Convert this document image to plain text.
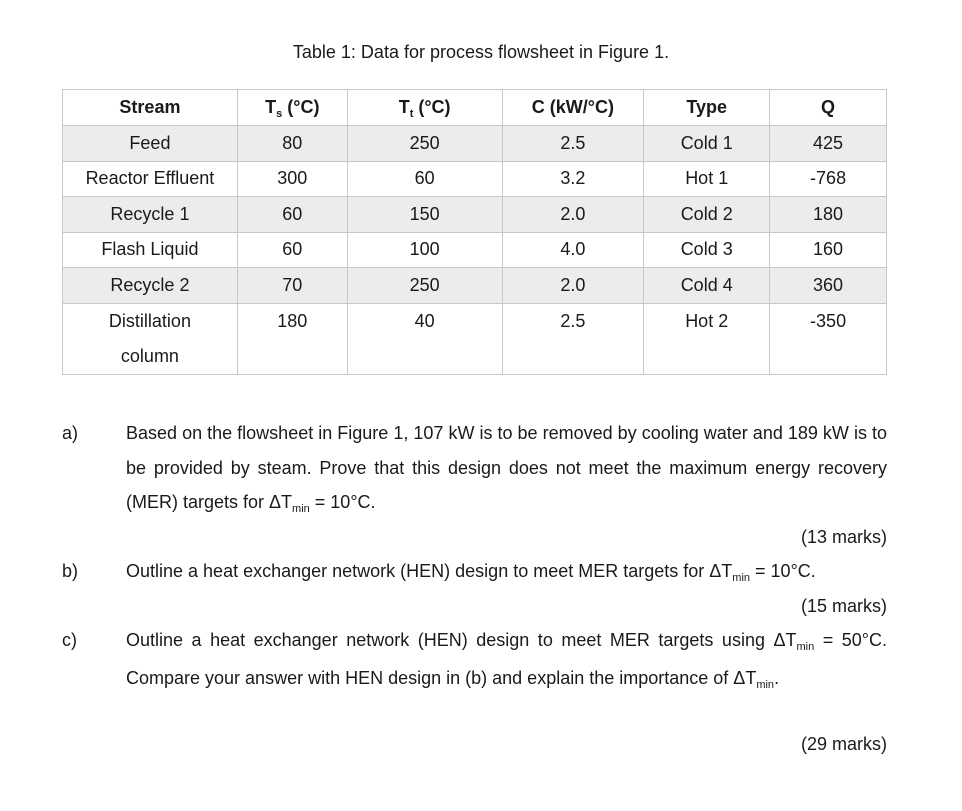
Table 1: Data for process flowsheet in Figure 1.
Stream	$T_s$ (°C)	$T_t$ (°C)	C (kW/°C)	Type	Q
Feed	80	250	2.5	Cold 1	425
Reactor Effluent	300	60	3.2	Hot 1	-768
Recycle 1	60	150	2.0	Cold 2	180
Flash Liquid	60	100	4.0	Cold 3	160
Recycle 2	70	250	2.0	Cold 4	360

Distillation column	180	40	2.5	Hot 2	-350
a)	Based on the flowsheet in Figure 1, 107 kW is to be removed by cooling water and 189 kW is to be provided by steam. Prove that this design does not meet the maximum energy recovery (MER) targets for $\Delta T_{min} = 10^\circ C$.
(13 marks)
b)	Outline a heat exchanger network (HEN) design to meet MER targets for $\Delta T_{min} = 10^\circ C$.
(15 marks)
c)	Outline a heat exchanger network (HEN) design to meet MER targets using $\Delta T_{min} = 50^\circ C$. Compare your answer with HEN design in (b) and explain the importance of $\Delta T_{min}$.
(29 marks)
